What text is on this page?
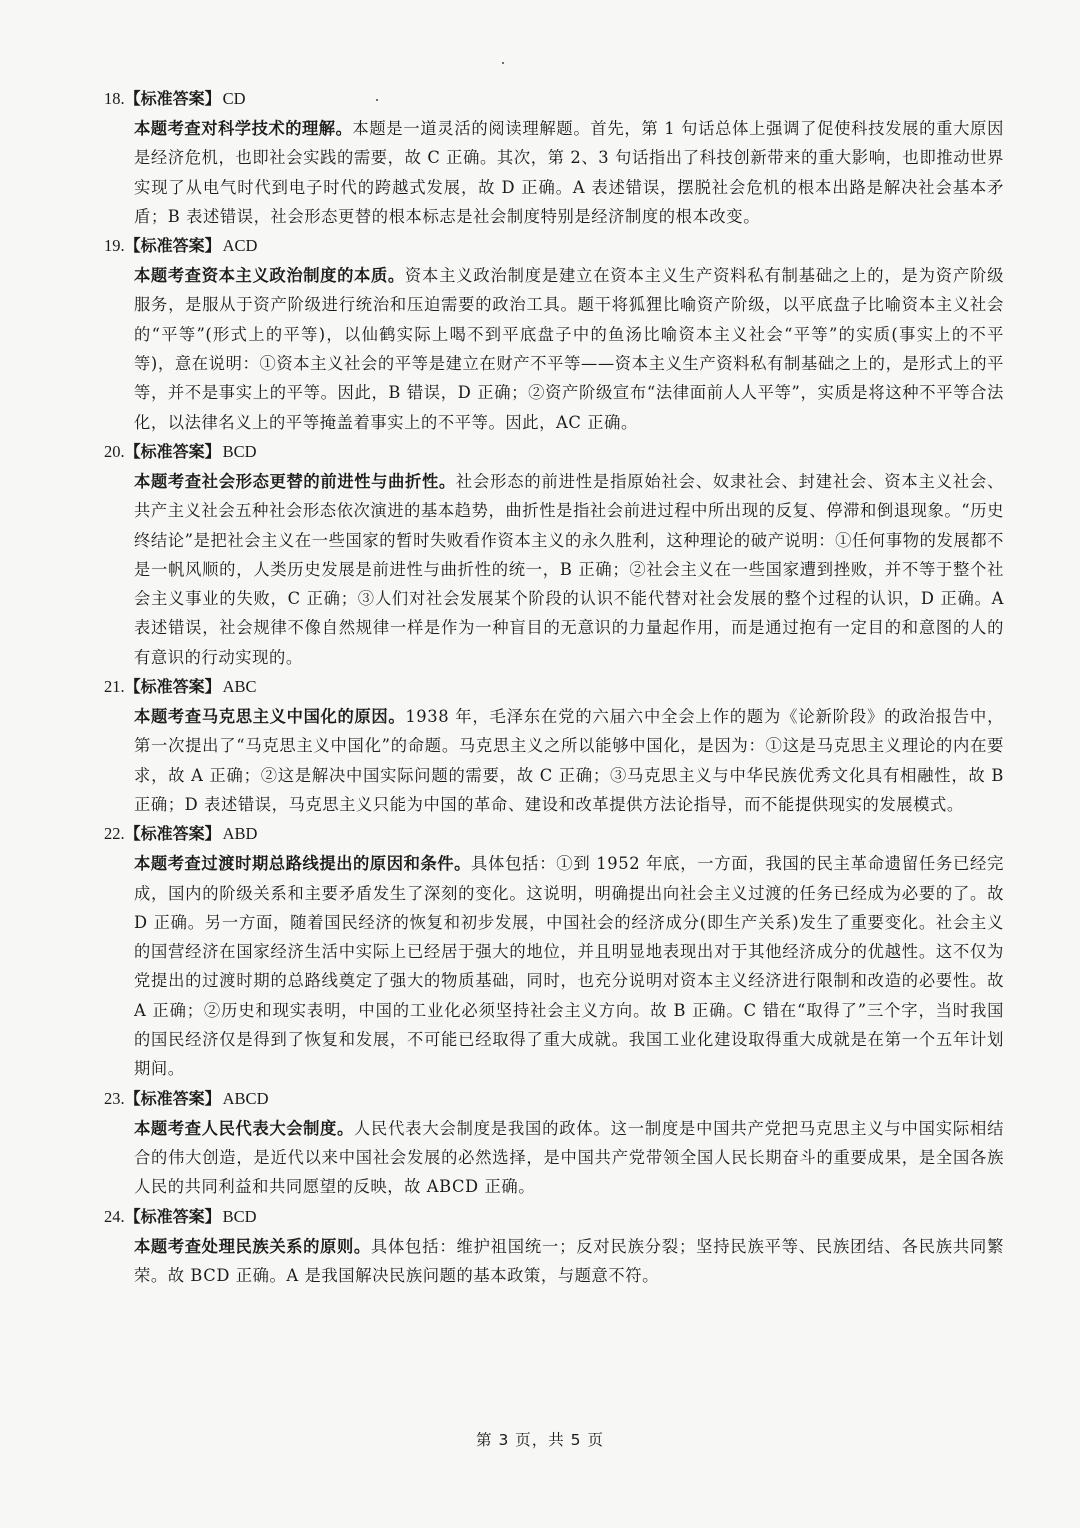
18.【标准答案】 CD
本题考查对科学技术的理解。本题是一道灵活的阅读理解题。首先，第 1 句话总体上强调了促使科技发展的重大原因是经济危机，也即社会实践的需要，故 C 正确。其次，第 2、3 句话指出了科技创新带来的重大影响，也即推动世界实现了从电气时代到电子时代的跨越式发展，故 D 正确。A 表述错误，摆脱社会危机的根本出路是解决社会基本矛盾；B 表述错误，社会形态更替的根本标志是社会制度特别是经济制度的根本改变。
19.【标准答案】 ACD
本题考查资本主义政治制度的本质。资本主义政治制度是建立在资本主义生产资料私有制基础之上的，是为资产阶级服务，是服从于资产阶级进行统治和压迫需要的政治工具。题干将狐狸比喻资产阶级，以平底盘子比喻资本主义社会的“平等”(形式上的平等)，以仙鹤实际上喝不到平底盘子中的鱼汤比喻资本主义社会“平等”的实质(事实上的不平等)，意在说明：①资本主义社会的平等是建立在财产不平等——资本主义生产资料私有制基础之上的，是形式上的平等，并不是事实上的平等。因此，B 错误，D 正确；②资产阶级宣布“法律面前人人平等”，实质是将这种不平等合法化，以法律名义上的平等掩盖着事实上的不平等。因此，AC 正确。
20.【标准答案】 BCD
本题考查社会形态更替的前进性与曲折性。社会形态的前进性是指原始社会、奴隶社会、封建社会、资本主义社会、共产主义社会五种社会形态依次演进的基本趋势，曲折性是指社会前进过程中所出现的反复、停滞和倒退现象。“历史终结论”是把社会主义在一些国家的暂时失败看作资本主义的永久胜利，这种理论的破产说明：①任何事物的发展都不是一帆风顺的，人类历史发展是前进性与曲折性的统一，B 正确；②社会主义在一些国家遭到挫败，并不等于整个社会主义事业的失败，C 正确；③人们对社会发展某个阶段的认识不能代替对社会发展的整个过程的认识，D 正确。A 表述错误，社会规律不像自然规律一样是作为一种盲目的无意识的力量起作用，而是通过抱有一定目的和意图的人的有意识的行动实现的。
21.【标准答案】 ABC
本题考查马克思主义中国化的原因。1938 年，毛泽东在党的六届六中全会上作的题为《论新阶段》的政治报告中，第一次提出了“马克思主义中国化”的命题。马克思主义之所以能够中国化，是因为：①这是马克思主义理论的内在要求，故 A 正确；②这是解决中国实际问题的需要，故 C 正确；③马克思主义与中华民族优秀文化具有相融性，故 B 正确；D 表述错误，马克思主义只能为中国的革命、建设和改革提供方法论指导，而不能提供现实的发展模式。
22.【标准答案】 ABD
本题考查过渡时期总路线提出的原因和条件。具体包括：①到 1952 年底，一方面，我国的民主革命遗留任务已经完成，国内的阶级关系和主要矛盾发生了深刻的变化。这说明，明确提出向社会主义过渡的任务已经成为必要的了。故 D 正确。另一方面，随着国民经济的恢复和初步发展，中国社会的经济成分(即生产关系)发生了重要变化。社会主义的国营经济在国家经济生活中实际上已经居于强大的地位，并且明显地表现出对于其他经济成分的优越性。这不仅为党提出的过渡时期的总路线奠定了强大的物质基础，同时，也充分说明对资本主义经济进行限制和改造的必要性。故 A 正确；②历史和现实表明，中国的工业化必须坚持社会主义方向。故 B 正确。C 错在“取得了”三个字，当时我国的国民经济仅是得到了恢复和发展，不可能已经取得了重大成就。我国工业化建设取得重大成就是在第一个五年计划期间。
23.【标准答案】 ABCD
本题考查人民代表大会制度。人民代表大会制度是我国的政体。这一制度是中国共产党把马克思主义与中国实际相结合的伟大创造，是近代以来中国社会发展的必然选择，是中国共产党带领全国人民长期奋斗的重要成果，是全国各族人民的共同利益和共同愿望的反映，故 ABCD 正确。
24.【标准答案】 BCD
本题考查处理民族关系的原则。具体包括：维护祖国统一；反对民族分裂；坚持民族平等、民族团结、各民族共同繁荣。故 BCD 正确。A 是我国解决民族问题的基本政策，与题意不符。
第 3 页，共 5 页
